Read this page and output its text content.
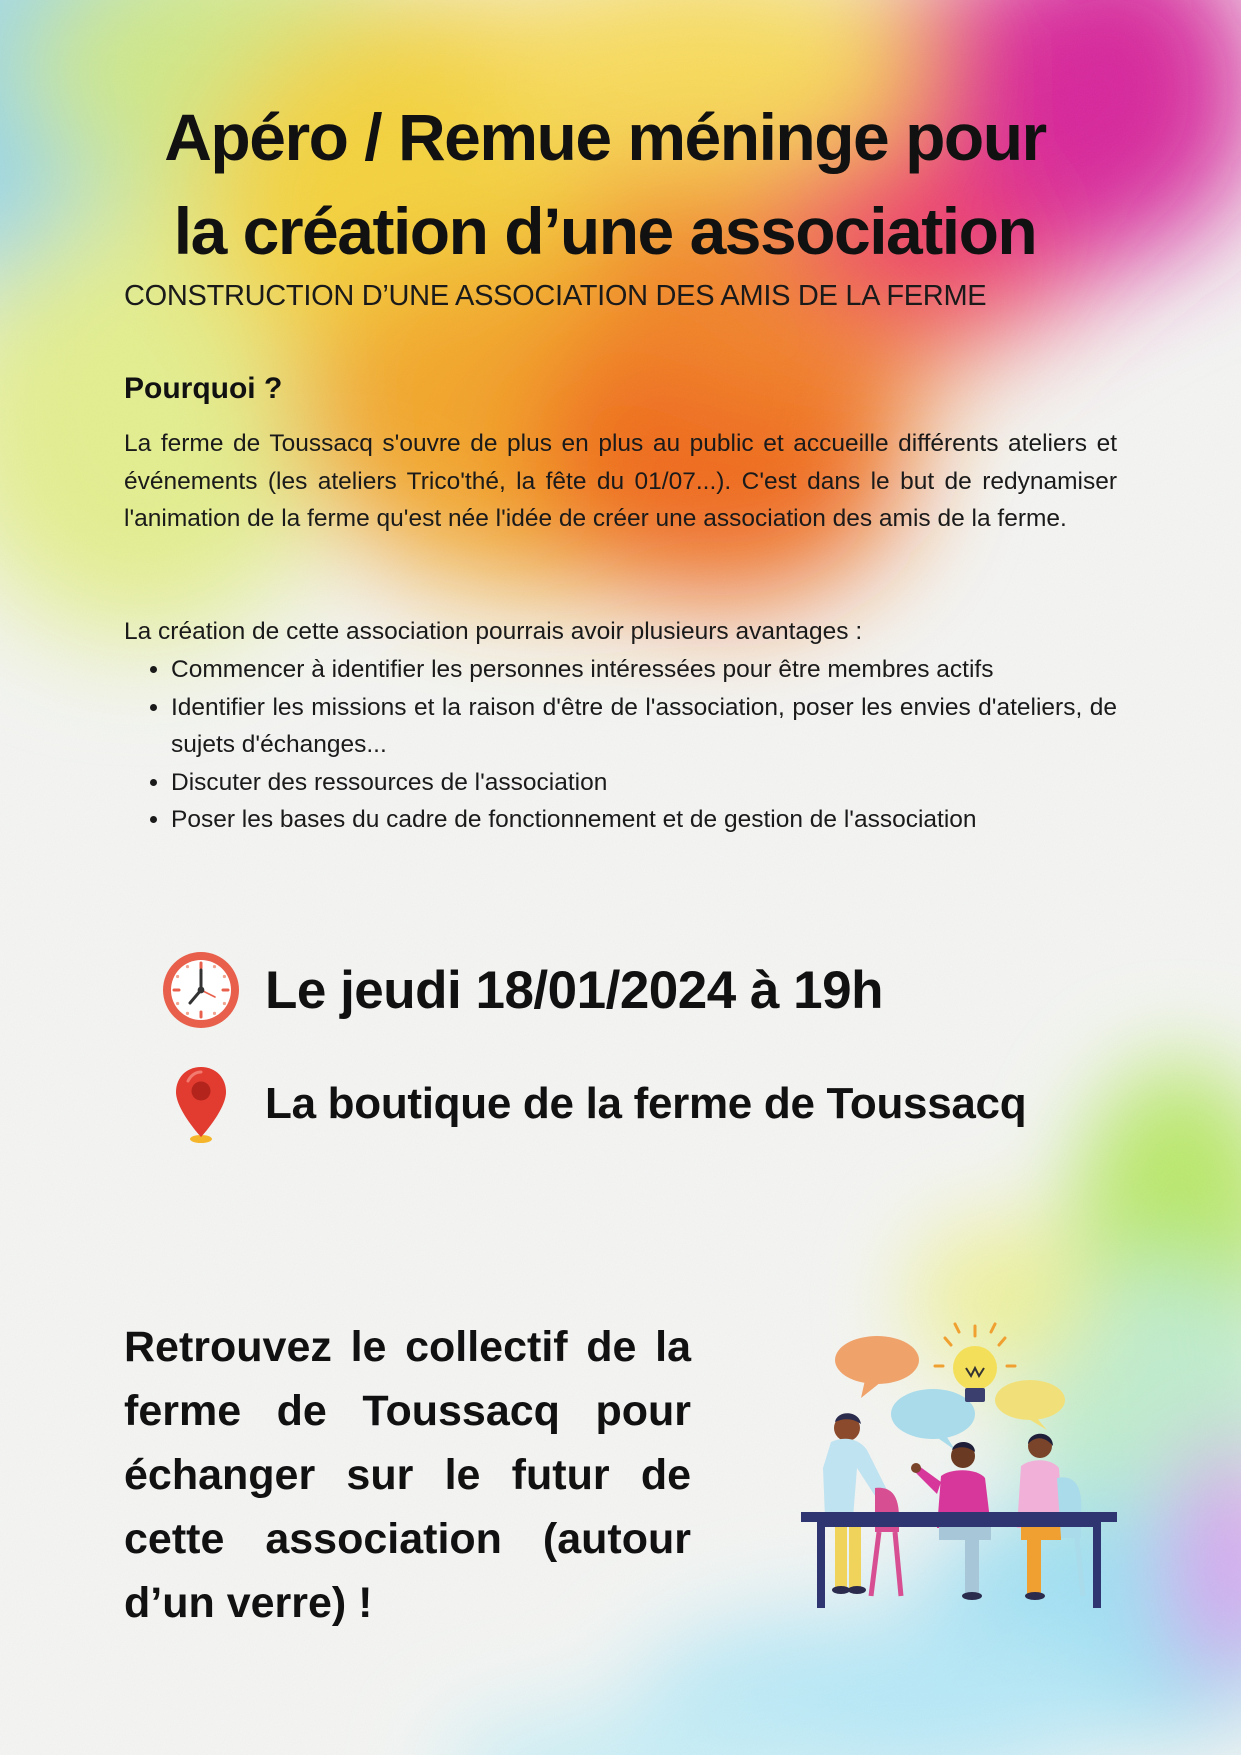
Apéro / Remue méninge pour
la création d’une association
CONSTRUCTION D’UNE ASSOCIATION DES AMIS DE LA FERME
Pourquoi ?

La ferme de Toussacq s'ouvre de plus en plus au public et accueille différents ateliers et événements (les ateliers Trico'thé, la fête du 01/07...). C'est dans le but de redynamiser l'animation de la ferme qu'est née l'idée de créer une association des amis de la ferme.

La création de cette association pourrais avoir plusieurs avantages :

• Commencer à identifier les personnes intéressées pour être membres actifs
• Identifier les missions et la raison d'être de l'association, poser les envies d'ateliers, de sujets d'échanges...
• Discuter des ressources de l'association
• Poser les bases du cadre de fonctionnement et de gestion de l'association
Le jeudi 18/01/2024 à 19h
La boutique de la ferme de Toussacq

Retrouvez le collectif de la ferme de Toussacq pour échanger sur le futur de cette association (autour d’un verre) !
